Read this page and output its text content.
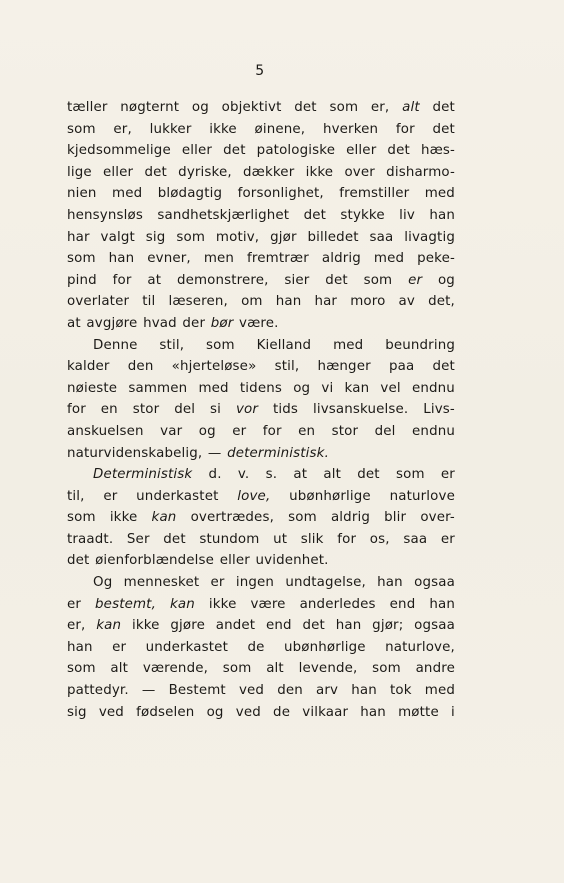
5
tæller nøgternt og objektivt det som er, alt det
som er, lukker ikke øinene, hverken for det
kjedsommelige eller det patologiske eller det hæs-
lige eller det dyriske, dækker ikke over disharmo-
nien med blødagtig forsonlighet, fremstiller med
hensynsløs sandhetskjærlighet det stykke liv han
har valgt sig som motiv, gjør billedet saa livagtig
som han evner, men fremtrær aldrig med peke-
pind for at demonstrere, sier det som er og
overlater til læseren, om han har moro av det,
at avgjøre hvad der bør være.
Denne stil, som Kielland med beundring
kalder den «hjerteløse» stil, hænger paa det
nøieste sammen med tidens og vi kan vel endnu
for en stor del si vor tids livsanskuelse. Livs-
anskuelsen var og er for en stor del endnu
naturvidenskabelig, — deterministisk.
Deterministisk d. v. s. at alt det som er
til, er underkastet love, ubønhørlige naturlove
som ikke kan overtrædes, som aldrig blir over-
traadt. Ser det stundom ut slik for os, saa er
det øienforblændelse eller uvidenhet.
Og mennesket er ingen undtagelse, han ogsaa
er bestemt, kan ikke være anderledes end han
er, kan ikke gjøre andet end det han gjør; ogsaa
han er underkastet de ubønhørlige naturlove,
som alt værende, som alt levende, som andre
pattedyr. — Bestemt ved den arv han tok med
sig ved fødselen og ved de vilkaar han møtte i
